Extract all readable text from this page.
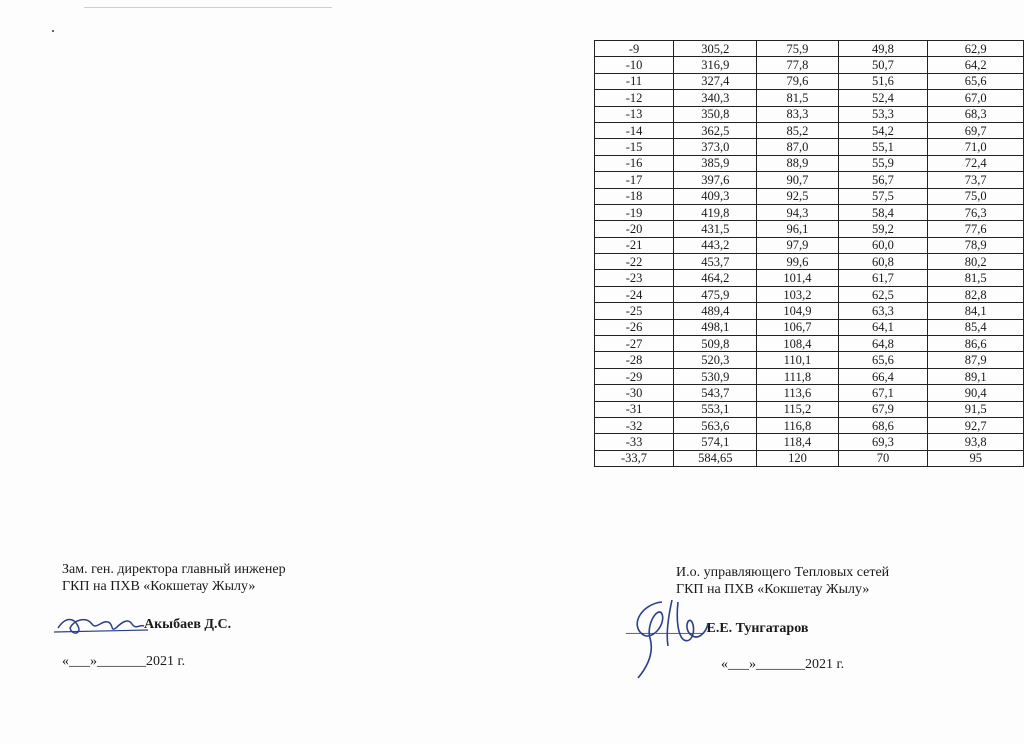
-9	305,2	75,9	49,8	62,9
-10	316,9	77,8	50,7	64,2
-11	327,4	79,6	51,6	65,6
-12	340,3	81,5	52,4	67,0
-13	350,8	83,3	53,3	68,3
-14	362,5	85,2	54,2	69,7
-15	373,0	87,0	55,1	71,0
-16	385,9	88,9	55,9	72,4
-17	397,6	90,7	56,7	73,7
-18	409,3	92,5	57,5	75,0
-19	419,8	94,3	58,4	76,3
-20	431,5	96,1	59,2	77,6
-21	443,2	97,9	60,0	78,9
-22	453,7	99,6	60,8	80,2
-23	464,2	101,4	61,7	81,5
-24	475,9	103,2	62,5	82,8
-25	489,4	104,9	63,3	84,1
-26	498,1	106,7	64,1	85,4
-27	509,8	108,4	64,8	86,6
-28	520,3	110,1	65,6	87,9
-29	530,9	111,8	66,4	89,1
-30	543,7	113,6	67,1	90,4
-31	553,1	115,2	67,9	91,5
-32	563,6	116,8	68,6	92,7
-33	574,1	118,4	69,3	93,8
-33,7	584,65	120	70	95
Зам. ген. директора главный инженер
ГКП на ПХВ «Кокшетау Жылу»
Акыбаев Д.С.
«___»_______2021 г.
И.о. управляющего Тепловых сетей
ГКП на ПХВ «Кокшетау Жылу»
___________ Е.Е. Тунгатаров
«___»_______2021 г.
